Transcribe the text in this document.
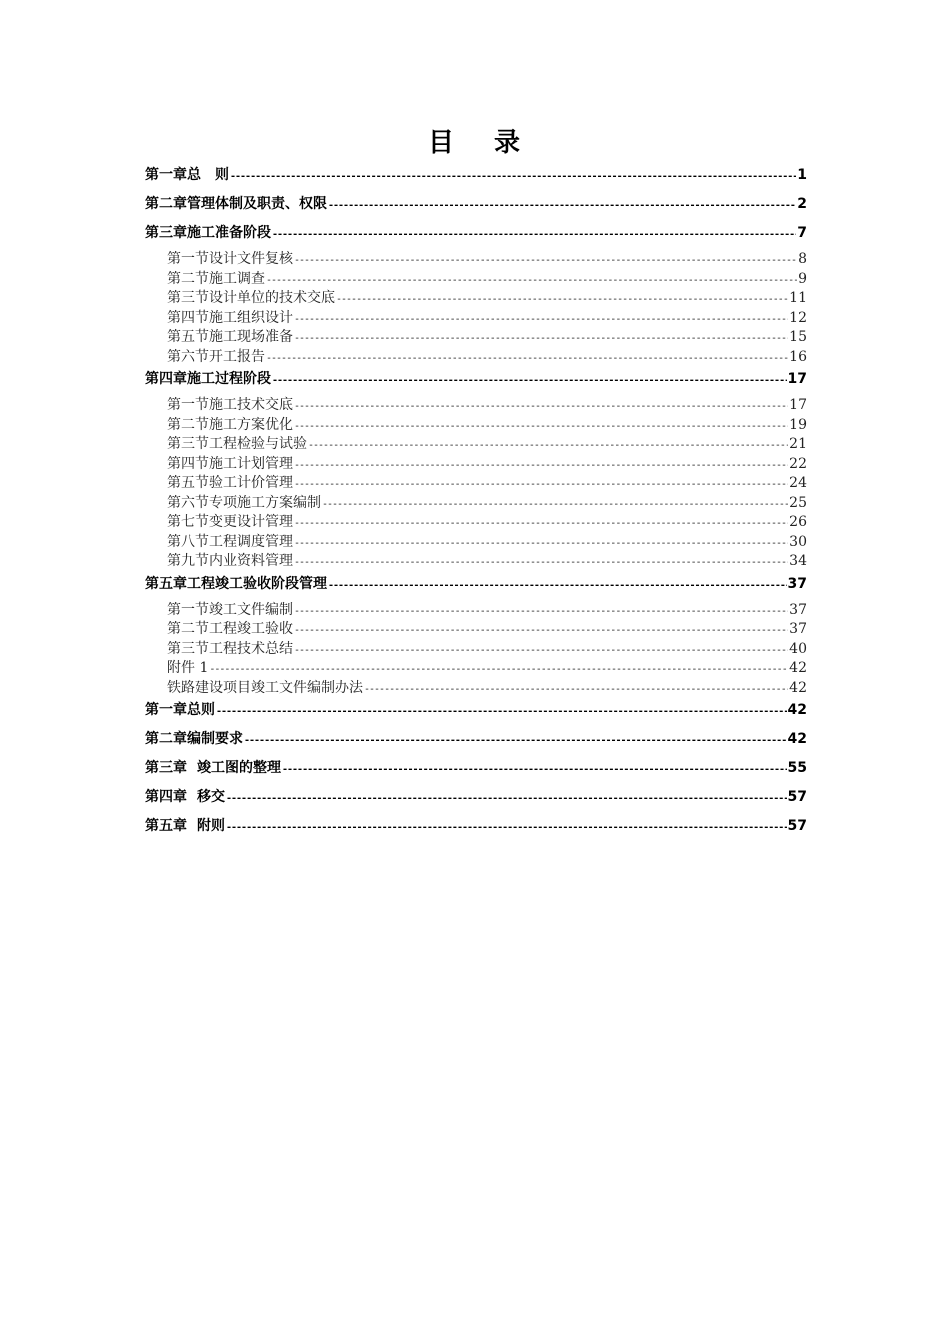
目 录
第一章 总　则 -----	1
第二章 管理体制及职责、权限 -----	2
第三章 施工准备阶段 -----	7
第一节 设计文件复核 -----	8
第二节 施工调查 -----	9
第三节 设计单位的技术交底 -----	11
第四节 施工组织设计 -----	12
第五节 施工现场准备 -----	15
第六节 开工报告 -----	16
第四章 施工过程阶段 -----	17
第一节 施工技术交底 -----	17
第二节 施工方案优化 -----	19
第三节 工程检验与试验 -----	21
第四节 施工计划管理 -----	22
第五节 验工计价管理 -----	24
第六节 专项施工方案编制 -----	25
第七节 变更设计管理 -----	26
第八节 工程调度管理 -----	30
第九节 内业资料管理 -----	34
第五章 工程竣工验收阶段管理 -----	37
第一节 竣工文件编制 -----	37
第二节 工程竣工验收 -----	37
第三节 工程技术总结 -----	40
附件 1 -----	42
铁路建设项目竣工文件编制办法 -----	42
第一章 总则 -----	42
第二章 编制要求 -----	42
第三章 竣工图的整理 -----	55
第四章 移交 -----	57
第五章 附则 -----	57
